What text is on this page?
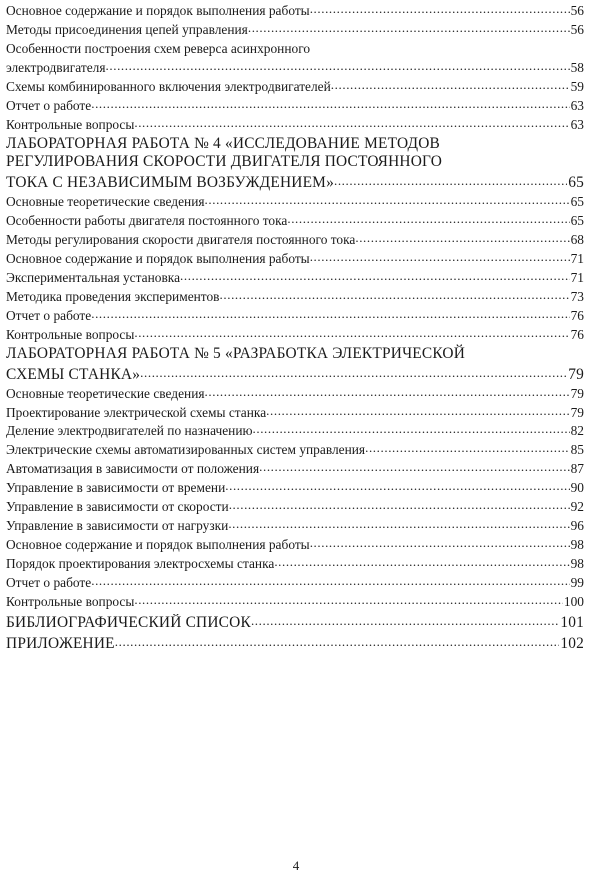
Основное содержание и порядок выполнения работы .....	56
Методы присоединения цепей управления .....	56
Особенности построения схем реверса асинхронного
электродвигателя .....	58
Схемы комбинированного включения электродвигателей .....	59
Отчет о работе .....	63
Контрольные вопросы .....	63
ЛАБОРАТОРНАЯ РАБОТА № 4 «ИССЛЕДОВАНИЕ МЕТОДОВ
РЕГУЛИРОВАНИЯ СКОРОСТИ ДВИГАТЕЛЯ ПОСТОЯННОГО
ТОКА С НЕЗАВИСИМЫМ ВОЗБУЖДЕНИЕМ» .....	65
Основные теоретические сведения .....	65
Особенности работы двигателя постоянного тока .....	65
Методы регулирования скорости двигателя постоянного тока .....	68
Основное содержание и порядок выполнения работы .....	71
Экспериментальная установка .....	71
Методика проведения экспериментов .....	73
Отчет о работе .....	76
Контрольные вопросы .....	76
ЛАБОРАТОРНАЯ РАБОТА № 5 «РАЗРАБОТКА ЭЛЕКТРИЧЕСКОЙ
СХЕМЫ СТАНКА» .....	79
Основные теоретические сведения .....	79
Проектирование электрической схемы станка .....	79
Деление электродвигателей по назначению .....	82
Электрические схемы автоматизированных систем управления .....	85
Автоматизация в зависимости от положения .....	87
Управление в зависимости от времени .....	90
Управление в зависимости от скорости .....	92
Управление в зависимости от нагрузки .....	96
Основное содержание и порядок выполнения работы .....	98
Порядок проектирования электросхемы станка .....	98
Отчет о работе .....	99
Контрольные вопросы .....	100
БИБЛИОГРАФИЧЕСКИЙ СПИСОК .....	101
ПРИЛОЖЕНИЕ .....	102
4
